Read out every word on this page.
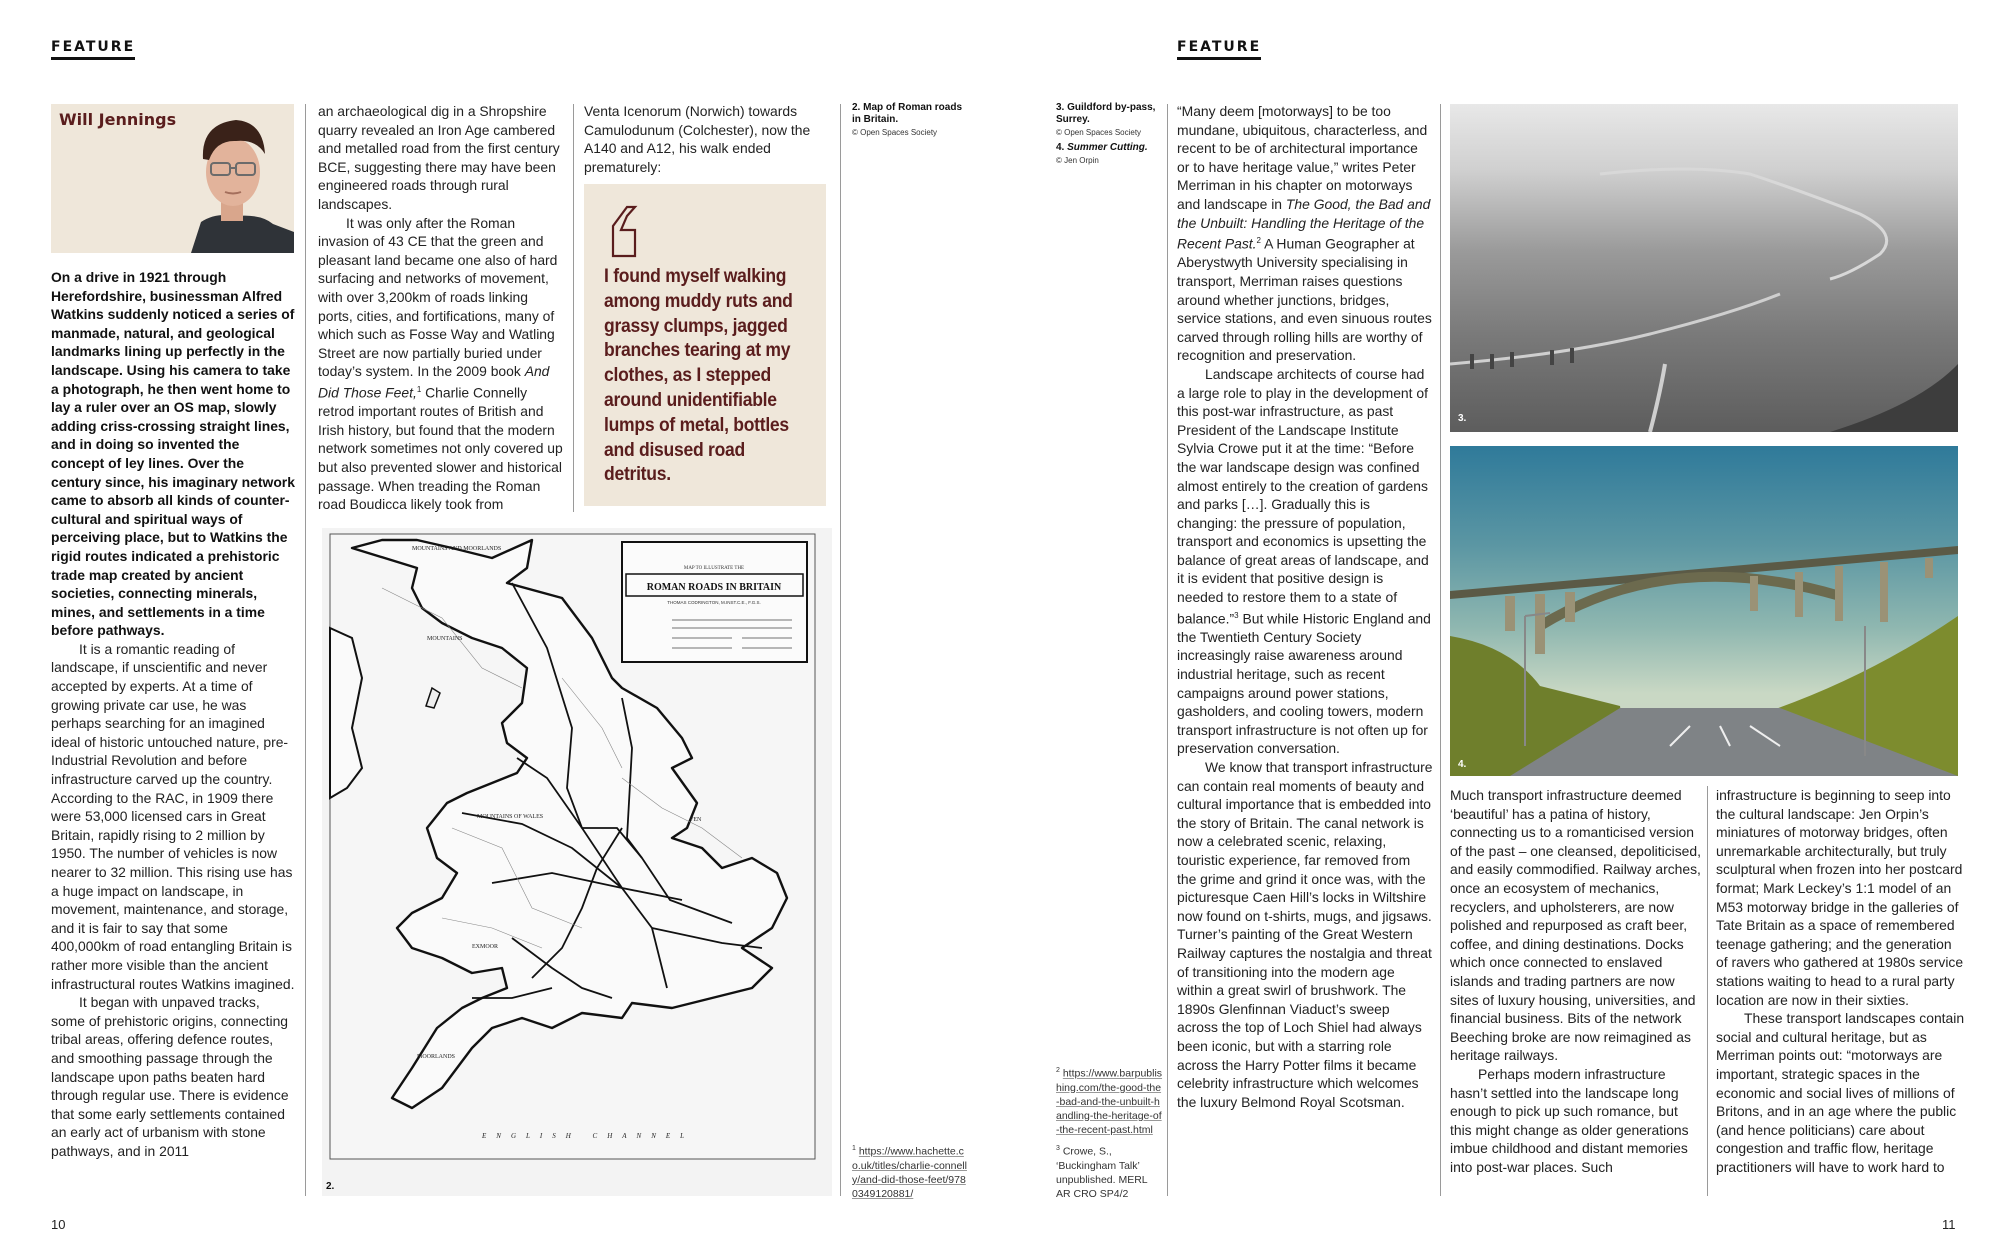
FEATURE
Will Jennings

On a drive in 1921 through Herefordshire, businessman Alfred Watkins suddenly noticed a series of manmade, natural, and geological landmarks lining up perfectly in the landscape. Using his camera to take a photograph, he then went home to lay a ruler over an OS map, slowly adding criss-crossing straight lines, and in doing so invented the concept of ley lines. Over the century since, his imaginary network came to absorb all kinds of counter-cultural and spiritual ways of perceiving place, but to Watkins the rigid routes indicated a prehistoric trade map created by ancient societies, connecting minerals, mines, and settlements in a time before pathways.

It is a romantic reading of landscape, if unscientific and never accepted by experts. At a time of growing private car use, he was perhaps searching for an imagined ideal of historic untouched nature, pre-Industrial Revolution and before infrastructure carved up the country. According to the RAC, in 1909 there were 53,000 licensed cars in Great Britain, rapidly rising to 2 million by 1950. The number of vehicles is now nearer to 32 million. This rising use has a huge impact on landscape, in movement, maintenance, and storage, and it is fair to say that some 400,000km of road entangling Britain is rather more visible than the ancient infrastructural routes Watkins imagined.

It began with unpaved tracks, some of prehistoric origins, connecting tribal areas, offering defence routes, and smoothing passage through the landscape upon paths beaten hard through regular use. There is evidence that some early settlements contained an early act of urbanism with stone pathways, and in 2011

an archaeological dig in a Shropshire quarry revealed an Iron Age cambered and metalled road from the first century BCE, suggesting there may have been engineered roads through rural landscapes.

It was only after the Roman invasion of 43 CE that the green and pleasant land became one also of hard surfacing and networks of movement, with over 3,200km of roads linking ports, cities, and fortifications, many of which such as Fosse Way and Watling Street are now partially buried under today’s system. In the 2009 book And Did Those Feet,$^1$ Charlie Connelly retrod important routes of British and Irish history, but found that the modern network sometimes not only covered up but also prevented slower and historical passage. When treading the Roman road Boudicca likely took from

Venta Icenorum (Norwich) towards Camulodunum (Colchester), now the A140 and A12, his walk ended prematurely:

I found myself walking among muddy ruts and grassy clumps, jagged branches tearing at my clothes, as I stepped around unidentifiable lumps of metal, bottles and disused road detritus.
MAP TO ILLUSTRATE THE
ROMAN ROADS IN BRITAIN
THOMAS CODRINGTON, M.INST.C.E., F.G.S.
MOUNTAINS AND MOORLANDS
MOUNTAINS
MOUNTAINS OF WALES	FEN
EXMOOR
MOORLANDS
ENGLISH CHANNEL
2.
2. Map of Roman roads in Britain.
© Open Spaces Society
$^1$ https://www.hachette.co.uk/titles/charlie-connelly/and-did-those-feet/9780349120881/
10
FEATURE
3. Guildford by-pass, Surrey.
© Open Spaces Society
4. Summer Cutting.
© Jen Orpin
$^2$ https://www.barpublishing.com/the-good-the-bad-and-the-unbuilt-handling-the-heritage-of-the-recent-past.html
$^3$ Crowe, S., ‘Buckingham Talk’ unpublished. MERL AR CRO SP4/2

“Many deem [motorways] to be too mundane, ubiquitous, characterless, and recent to be of architectural importance or to have heritage value,” writes Peter Merriman in his chapter on motorways and landscape in The Good, the Bad and the Unbuilt: Handling the Heritage of the Recent Past.$^2$ A Human Geographer at Aberystwyth University specialising in transport, Merriman raises questions around whether junctions, bridges, service stations, and even sinuous routes carved through rolling hills are worthy of recognition and preservation.

Landscape architects of course had a large role to play in the development of this post-war infrastructure, as past President of the Landscape Institute Sylvia Crowe put it at the time: “Before the war landscape design was confined almost entirely to the creation of gardens and parks […]. Gradually this is changing: the pressure of population, transport and economics is upsetting the balance of great areas of landscape, and it is evident that positive design is needed to restore them to a state of balance.”$^3$ But while Historic England and the Twentieth Century Society increasingly raise awareness around industrial heritage, such as recent campaigns around power stations, gasholders, and cooling towers, modern transport infrastructure is not often up for preservation conversation.

We know that transport infrastructure can contain real moments of beauty and cultural importance that is embedded into the story of Britain. The canal network is now a celebrated scenic, relaxing, touristic experience, far removed from the grime and grind it once was, with the picturesque Caen Hill’s locks in Wiltshire now found on t-shirts, mugs, and jigsaws. Turner’s painting of the Great Western Railway captures the nostalgia and threat of transitioning into the modern age within a great swirl of brushwork. The 1890s Glenfinnan Viaduct’s sweep across the top of Loch Shiel had always been iconic, but with a starring role across the Harry Potter films it became celebrity infrastructure which welcomes the luxury Belmond Royal Scotsman.

3.
4.

Much transport infrastructure deemed ‘beautiful’ has a patina of history, connecting us to a romanticised version of the past – one cleansed, depoliticised, and easily commodified. Railway arches, once an ecosystem of mechanics, recyclers, and upholsterers, are now polished and repurposed as craft beer, coffee, and dining destinations. Docks which once connected to enslaved islands and trading partners are now sites of luxury housing, universities, and financial business. Bits of the network Beeching broke are now reimagined as heritage railways.

Perhaps modern infrastructure hasn’t settled into the landscape long enough to pick up such romance, but this might change as older generations imbue childhood and distant memories into post-war places. Such

infrastructure is beginning to seep into the cultural landscape: Jen Orpin’s miniatures of motorway bridges, often unremarkable architecturally, but truly sculptural when frozen into her postcard format; Mark Leckey’s 1:1 model of an M53 motorway bridge in the galleries of Tate Britain as a space of remembered teenage gathering; and the generation of ravers who gathered at 1980s service stations waiting to head to a rural party location are now in their sixties.

These transport landscapes contain social and cultural heritage, but as Merriman points out: “motorways are important, strategic spaces in the economic and social lives of millions of Britons, and in an age where the public (and hence politicians) care about congestion and traffic flow, heritage practitioners will have to work hard to

11
